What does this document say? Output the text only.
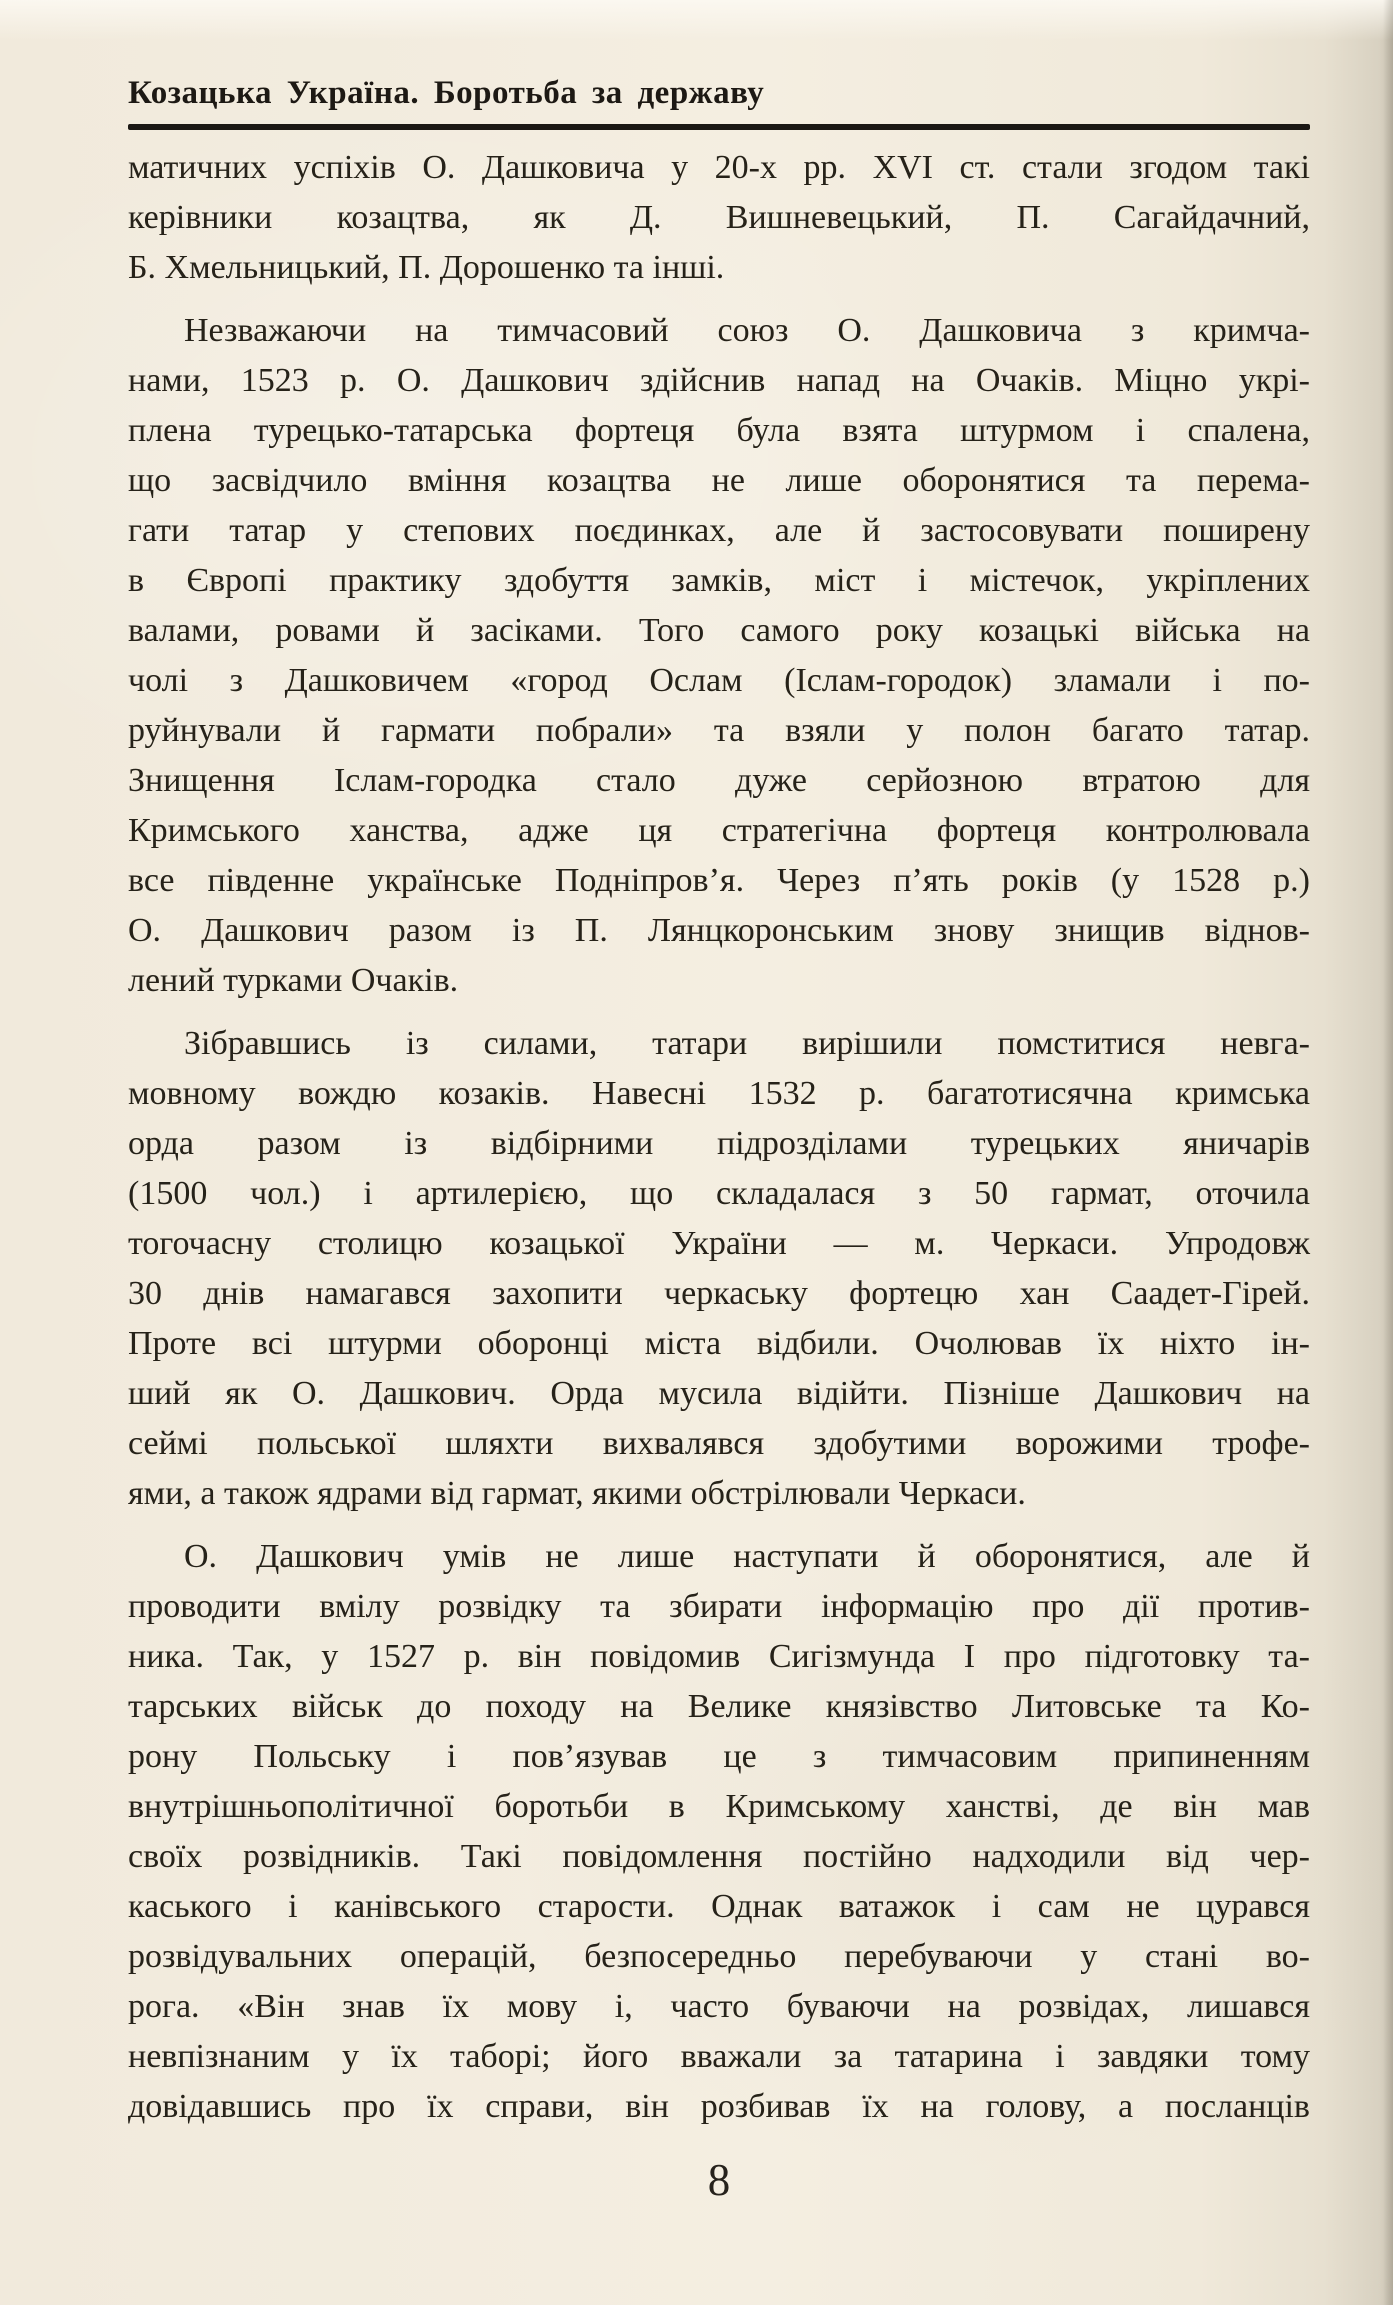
Козацька Україна. Боротьба за державу
матичних успіхів О. Дашковича у 20-х рр. XVI ст. стали згодом такі
керівники козацтва, як Д. Вишневецький, П. Сагайдачний,
Б. Хмельницький, П. Дорошенко та інші.
Незважаючи на тимчасовий союз О. Дашковича з кримча-
нами, 1523 р. О. Дашкович здійснив напад на Очаків. Міцно укрі-
плена турецько-татарська фортеця була взята штурмом і спалена,
що засвідчило вміння козацтва не лише оборонятися та перема-
гати татар у степових поєдинках, але й застосовувати поширену
в Європі практику здобуття замків, міст і містечок, укріплених
валами, ровами й засіками. Того самого року козацькі війська на
чолі з Дашковичем «город Ослам (Іслам-городок) зламали і по-
руйнували й гармати побрали» та взяли у полон багато татар.
Знищення Іслам-городка стало дуже серйозною втратою для
Кримського ханства, адже ця стратегічна фортеця контролювала
все південне українське Подніпров’я. Через п’ять років (у 1528 р.)
О. Дашкович разом із П. Лянцкоронським знову знищив віднов-
лений турками Очаків.
Зібравшись із силами, татари вирішили помститися невга-
мовному вождю козаків. Навесні 1532 р. багатотисячна кримська
орда разом із відбірними підрозділами турецьких яничарів
(1500 чол.) і артилерією, що складалася з 50 гармат, оточила
тогочасну столицю козацької України — м. Черкаси. Упродовж
30 днів намагався захопити черкаську фортецю хан Саадет-Гірей.
Проте всі штурми оборонці міста відбили. Очолював їх ніхто ін-
ший як О. Дашкович. Орда мусила відійти. Пізніше Дашкович на
сеймі польської шляхти вихвалявся здобутими ворожими трофе-
ями, а також ядрами від гармат, якими обстрілювали Черкаси.
О. Дашкович умів не лише наступати й оборонятися, але й
проводити вмілу розвідку та збирати інформацію про дії против-
ника. Так, у 1527 р. він повідомив Сигізмунда І про підготовку та-
тарських військ до походу на Велике князівство Литовське та Ко-
рону Польську і пов’язував це з тимчасовим припиненням
внутрішньополітичної боротьби в Кримському ханстві, де він мав
своїх розвідників. Такі повідомлення постійно надходили від чер-
каського і канівського старости. Однак ватажок і сам не цурався
розвідувальних операцій, безпосередньо перебуваючи у стані во-
рога. «Він знав їх мову і, часто буваючи на розвідах, лишався
невпізнаним у їх таборі; його вважали за татарина і завдяки тому
довідавшись про їх справи, він розбивав їх на голову, а посланців
8
